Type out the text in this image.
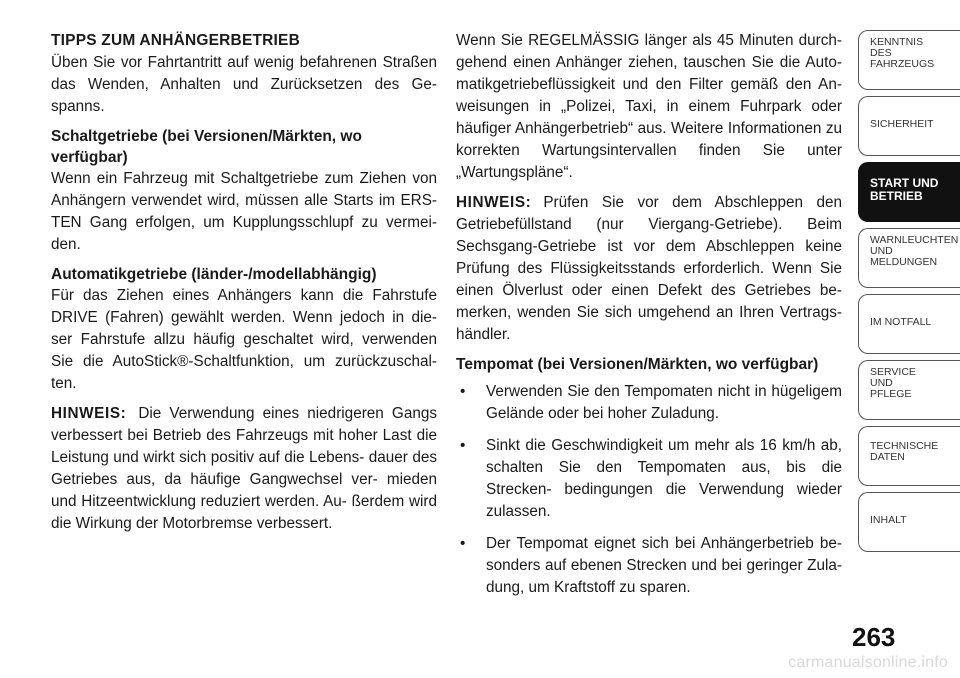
TIPPS ZUM ANHÄNGERBETRIEB

Üben Sie vor Fahrtantritt auf wenig befahrenen Straßen das Wenden, Anhalten und Zurücksetzen des Ge- spanns.

Schaltgetriebe (bei Versionen/Märkten, wo verfügbar)

Wenn ein Fahrzeug mit Schaltgetriebe zum Ziehen von Anhängern verwendet wird, müssen alle Starts im ERS- TEN Gang erfolgen, um Kupplungsschlupf zu vermei- den.

Automatikgetriebe (länder-/modellabhängig)

Für das Ziehen eines Anhängers kann die Fahrstufe DRIVE (Fahren) gewählt werden. Wenn jedoch in die- ser Fahrstufe allzu häufig geschaltet wird, verwenden Sie die AutoStick®-Schaltfunktion, um zurückzuschal- ten.

HINWEIS: Die Verwendung eines niedrigeren Gangs verbessert bei Betrieb des Fahrzeugs mit hoher Last die Leistung und wirkt sich positiv auf die Lebens- dauer des Getriebes aus, da häufige Gangwechsel ver- mieden und Hitzeentwicklung reduziert werden. Au- ßerdem wird die Wirkung der Motorbremse verbessert.

Wenn Sie REGELMÄSSIG länger als 45 Minuten durch- gehend einen Anhänger ziehen, tauschen Sie die Auto- matikgetriebeflüssigkeit und den Filter gemäß den An- weisungen in „Polizei, Taxi, in einem Fuhrpark oder häufiger Anhängerbetrieb“ aus. Weitere Informationen zu korrekten Wartungsintervallen finden Sie unter „Wartungspläne“.

HINWEIS: Prüfen Sie vor dem Abschleppen den Getriebefüllstand (nur Viergang-Getriebe). Beim Sechsgang-Getriebe ist vor dem Abschleppen keine Prüfung des Flüssigkeitsstands erforderlich. Wenn Sie einen Ölverlust oder einen Defekt des Getriebes be- merken, wenden Sie sich umgehend an Ihren Vertrags- händler.

Tempomat (bei Versionen/Märkten, wo verfügbar)
• Verwenden Sie den Tempomaten nicht in hügeligem Gelände oder bei hoher Zuladung.
• Sinkt die Geschwindigkeit um mehr als 16 km/h ab, schalten Sie den Tempomaten aus, bis die Strecken- bedingungen die Verwendung wieder zulassen.
• Der Tempomat eignet sich bei Anhängerbetrieb be- sonders auf ebenen Strecken und bei geringer Zula- dung, um Kraftstoff zu sparen.
KENNTNIS
DES
FAHRZEUGS
SICHERHEIT
START UND
BETRIEB
WARNLEUCHTEN
UND
MELDUNGEN
IM NOTFALL
SERVICE
UND
PFLEGE
TECHNISCHE
DATEN
INHALT
263
carmanualsonline.info
